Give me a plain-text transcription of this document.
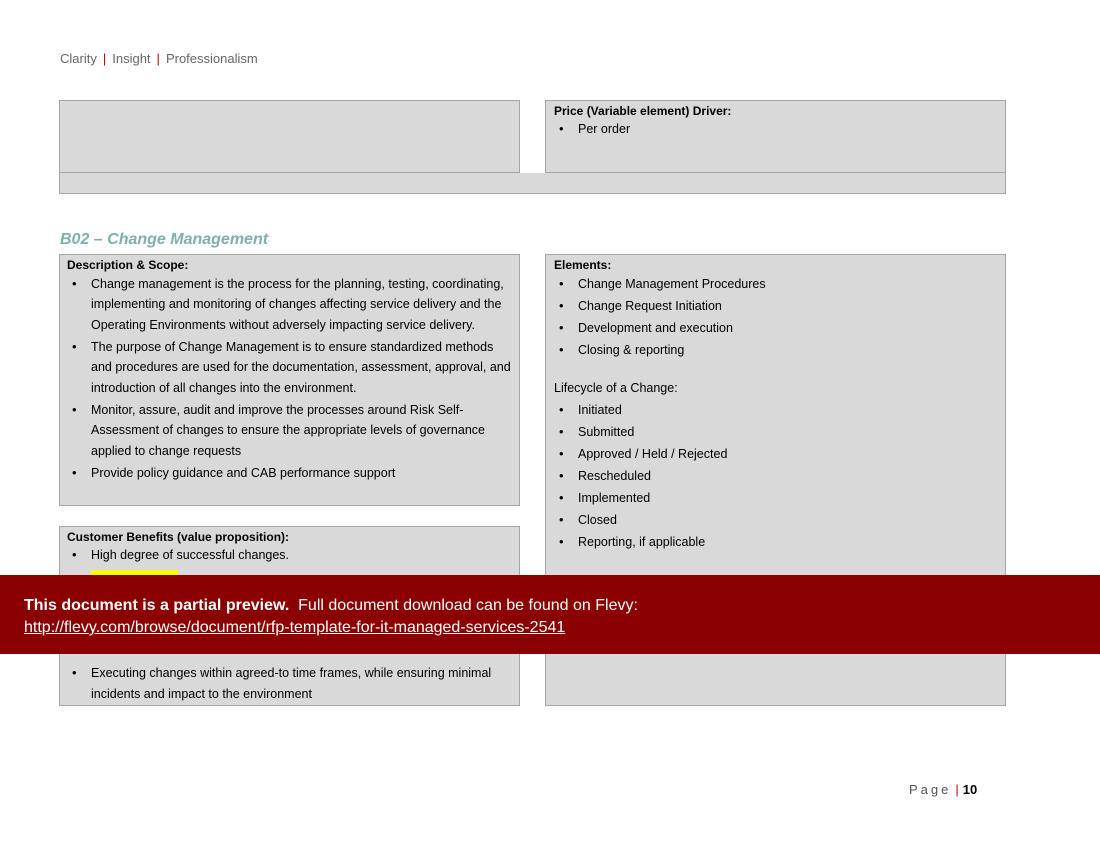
Clarity | Insight | Professionalism
Price (Variable element) Driver:
• Per order
B02 – Change Management
Description & Scope:
• Change management is the process for the planning, testing, coordinating, implementing and monitoring of changes affecting service delivery and the Operating Environments without adversely impacting service delivery.
• The purpose of Change Management is to ensure standardized methods and procedures are used for the documentation, assessment, approval, and introduction of all changes into the environment.
• Monitor, assure, audit and improve the processes around Risk Self-Assessment of changes to ensure the appropriate levels of governance applied to change requests
• Provide policy guidance and CAB performance support
Elements:
• Change Management Procedures
• Change Request Initiation
• Development and execution
• Closing & reporting
Lifecycle of a Change:
• Initiated
• Submitted
• Approved / Held / Rejected
• Rescheduled
• Implemented
• Closed
• Reporting, if applicable
Customer Benefits (value proposition):
• High degree of successful changes.
• Executing changes within agreed-to time frames, while ensuring minimal incidents and impact to the environment
This document is a partial preview. Full document download can be found on Flevy:
http://flevy.com/browse/document/rfp-template-for-it-managed-services-2541
Page | 10
